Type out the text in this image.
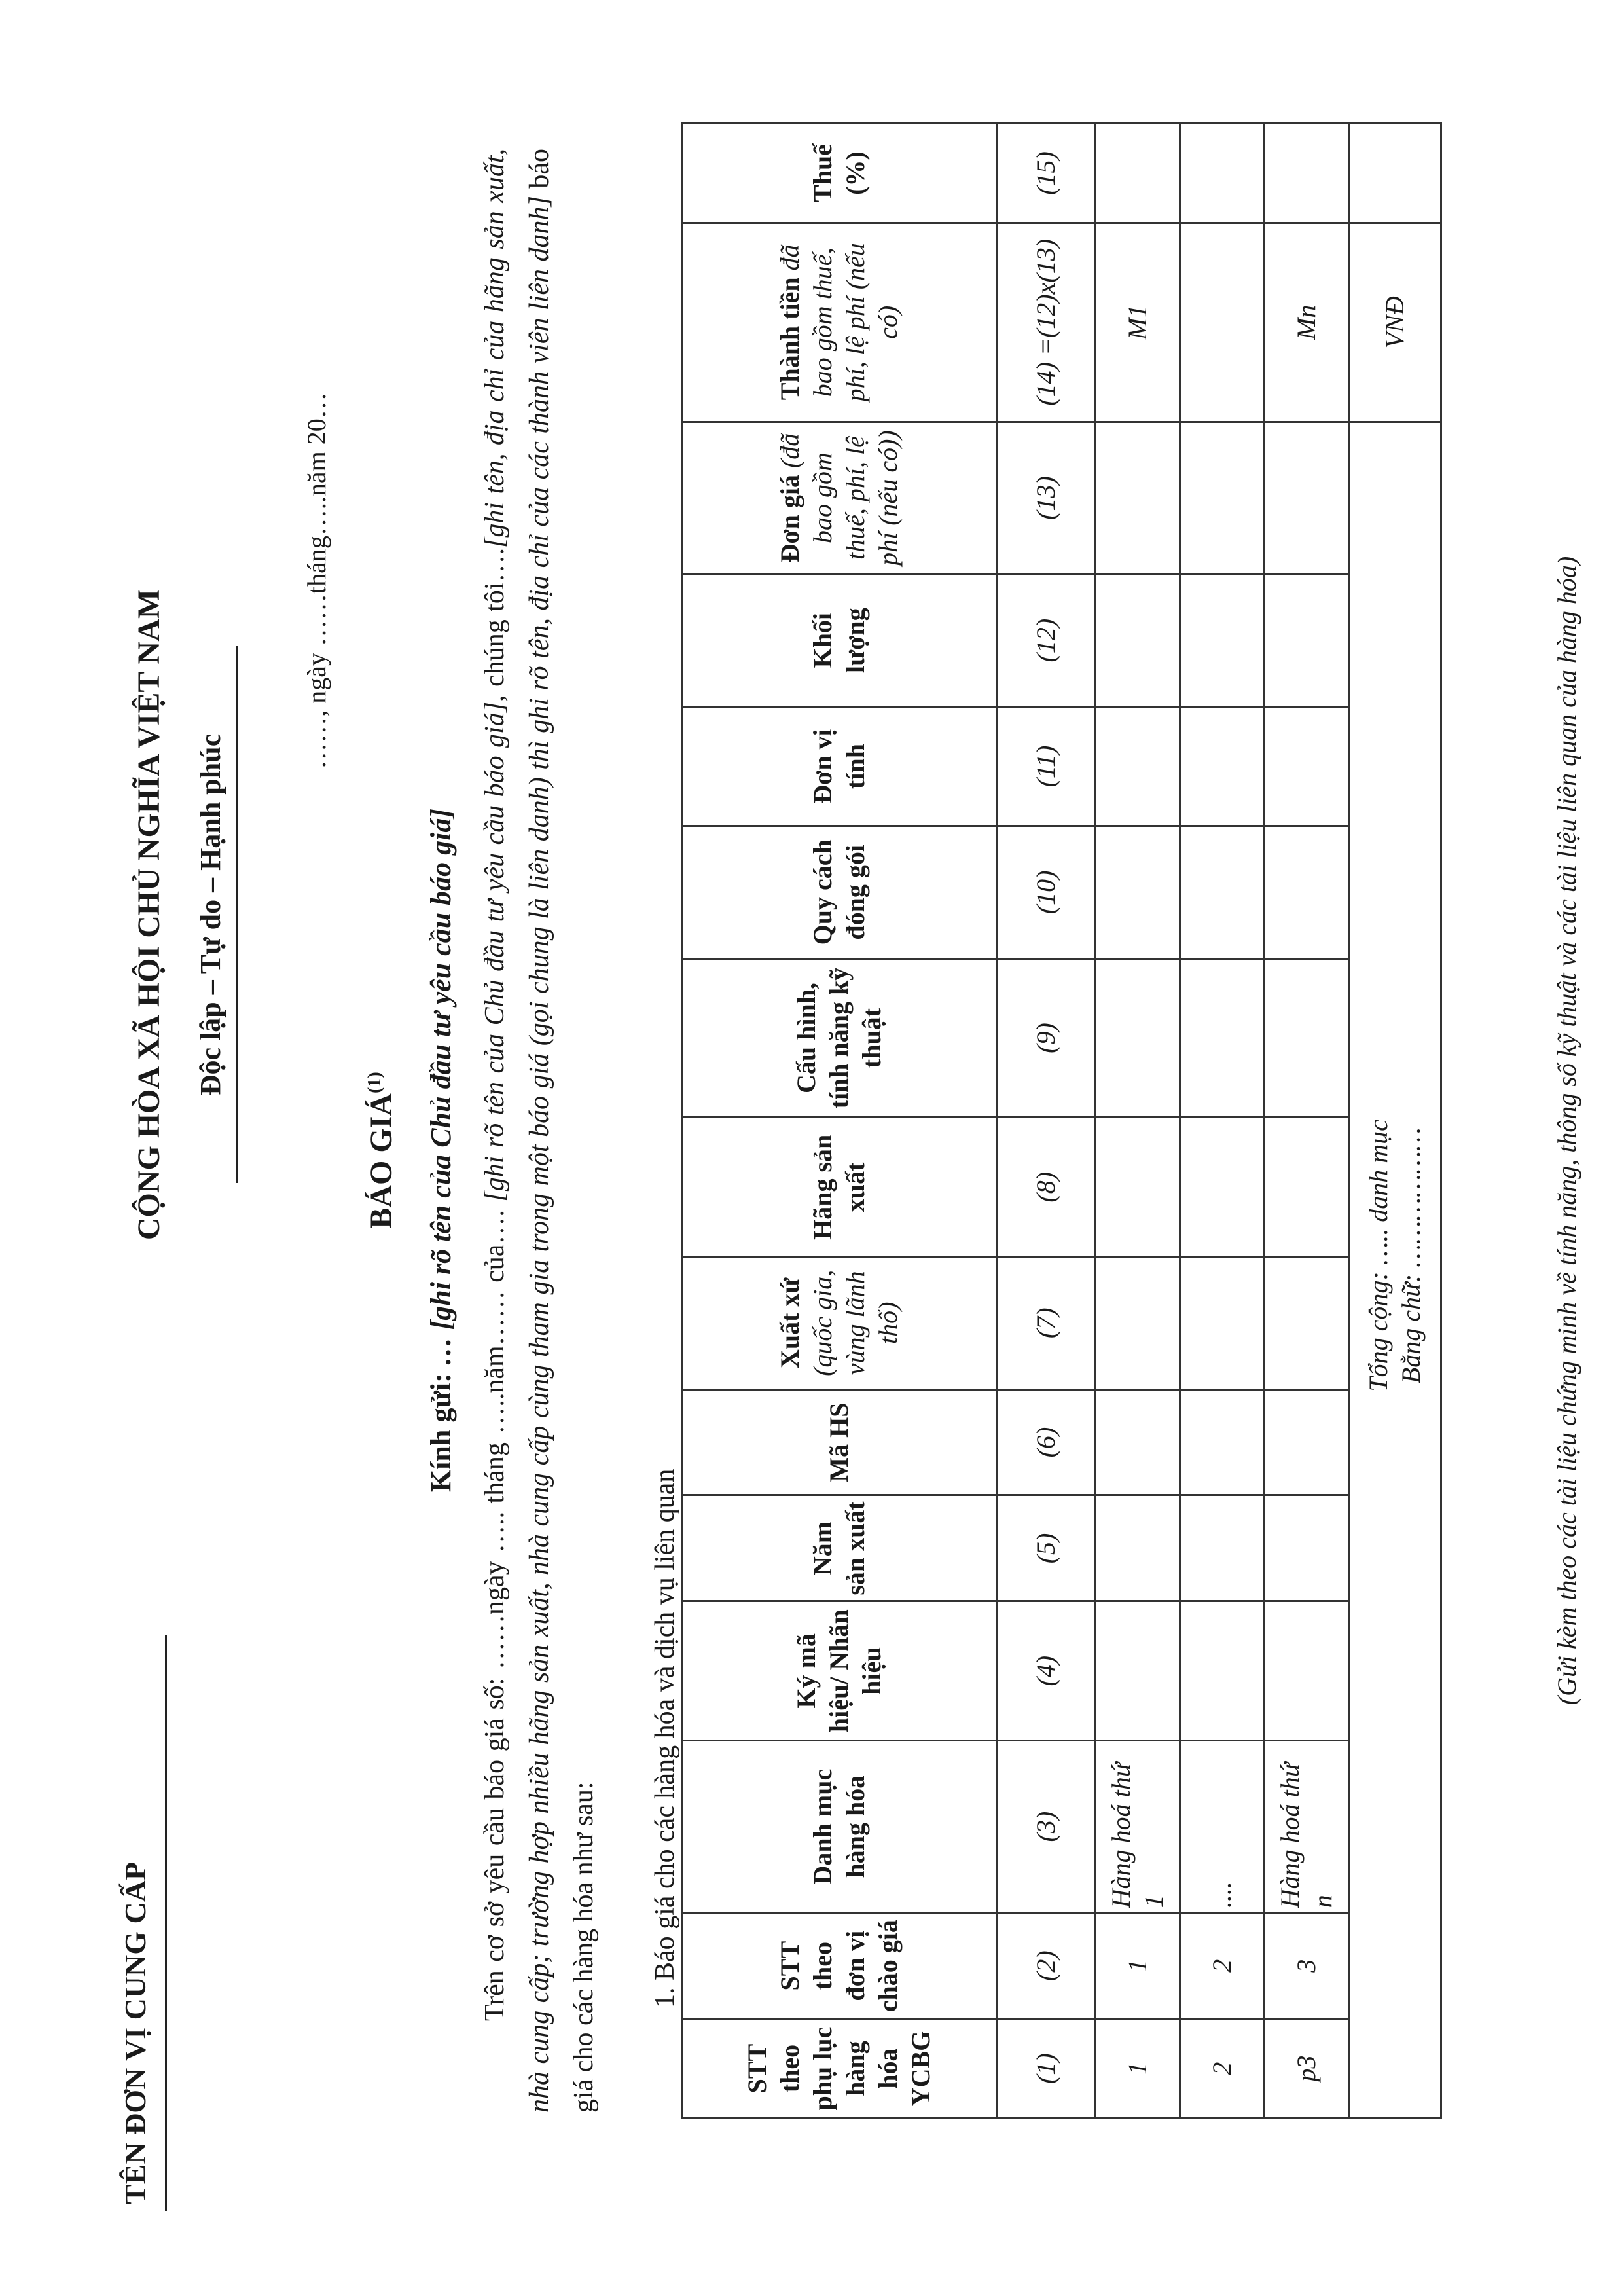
TÊN ĐƠN VỊ CUNG CẤP
CỘNG HÒA XÃ HỘI CHỦ NGHĨA VIỆT NAM Độc lập – Tự do – Hạnh phúc
……, ngày ……tháng…..năm 20…
BÁO GIÁ$^{(1)}$
Kính gửi: … [ghi rõ tên của Chủ đầu tư yêu cầu báo giá]
Trên cơ sở yêu cầu báo giá số: ……ngày ….. tháng …..năm…… của…. [ghi rõ tên của Chủ đầu tư yêu cầu báo giá], chúng tôi….[ghi tên, địa chỉ của hãng sản xuất, nhà cung cấp; trường hợp nhiều hãng sản xuất, nhà cung cấp cùng tham gia trong một báo giá (gọi chung là liên danh) thì ghi rõ tên, địa chỉ của các thành viên liên danh] báo giá cho các hàng hóa như sau: 1. Báo giá cho các hàng hóa và dịch vụ liên quan
STT theo phụ lục hàng hóa YCBG	STT theo đơn vị chào giá	Danh mục hàng hóa	Ký mã hiệu/ Nhãn hiệu	Năm sản xuất	Mã HS	Xuất xứ (quốc gia, vùng lãnh thổ)	Hãng sản xuất	Cấu hình, tính năng kỹ thuật	Quy cách đóng gói	Đơn vị tính	Khối lượng	Đơn giá (đã bao gồm thuế, phí, lệ phí (nếu có))	Thành tiền đã bao gồm thuế, phí, lệ phí (nếu có)	Thuế (%)
(1)	(2)	(3)	(4)	(5)	(6)	(7)	(8)	(9)	(10)	(11)	(12)	(13)	(14) =(12)x(13)	(15)
1	1	Hàng hoá thứ 1											M1	
2	2	....												
p3	3	Hàng hoá thứ n											Mn	

Tổng cộng: ….. danh mục Bằng chữ: ………………													VNĐ	
(Gửi kèm theo các tài liệu chứng minh về tính năng, thông số kỹ thuật và các tài liệu liên quan của hàng hóa)
